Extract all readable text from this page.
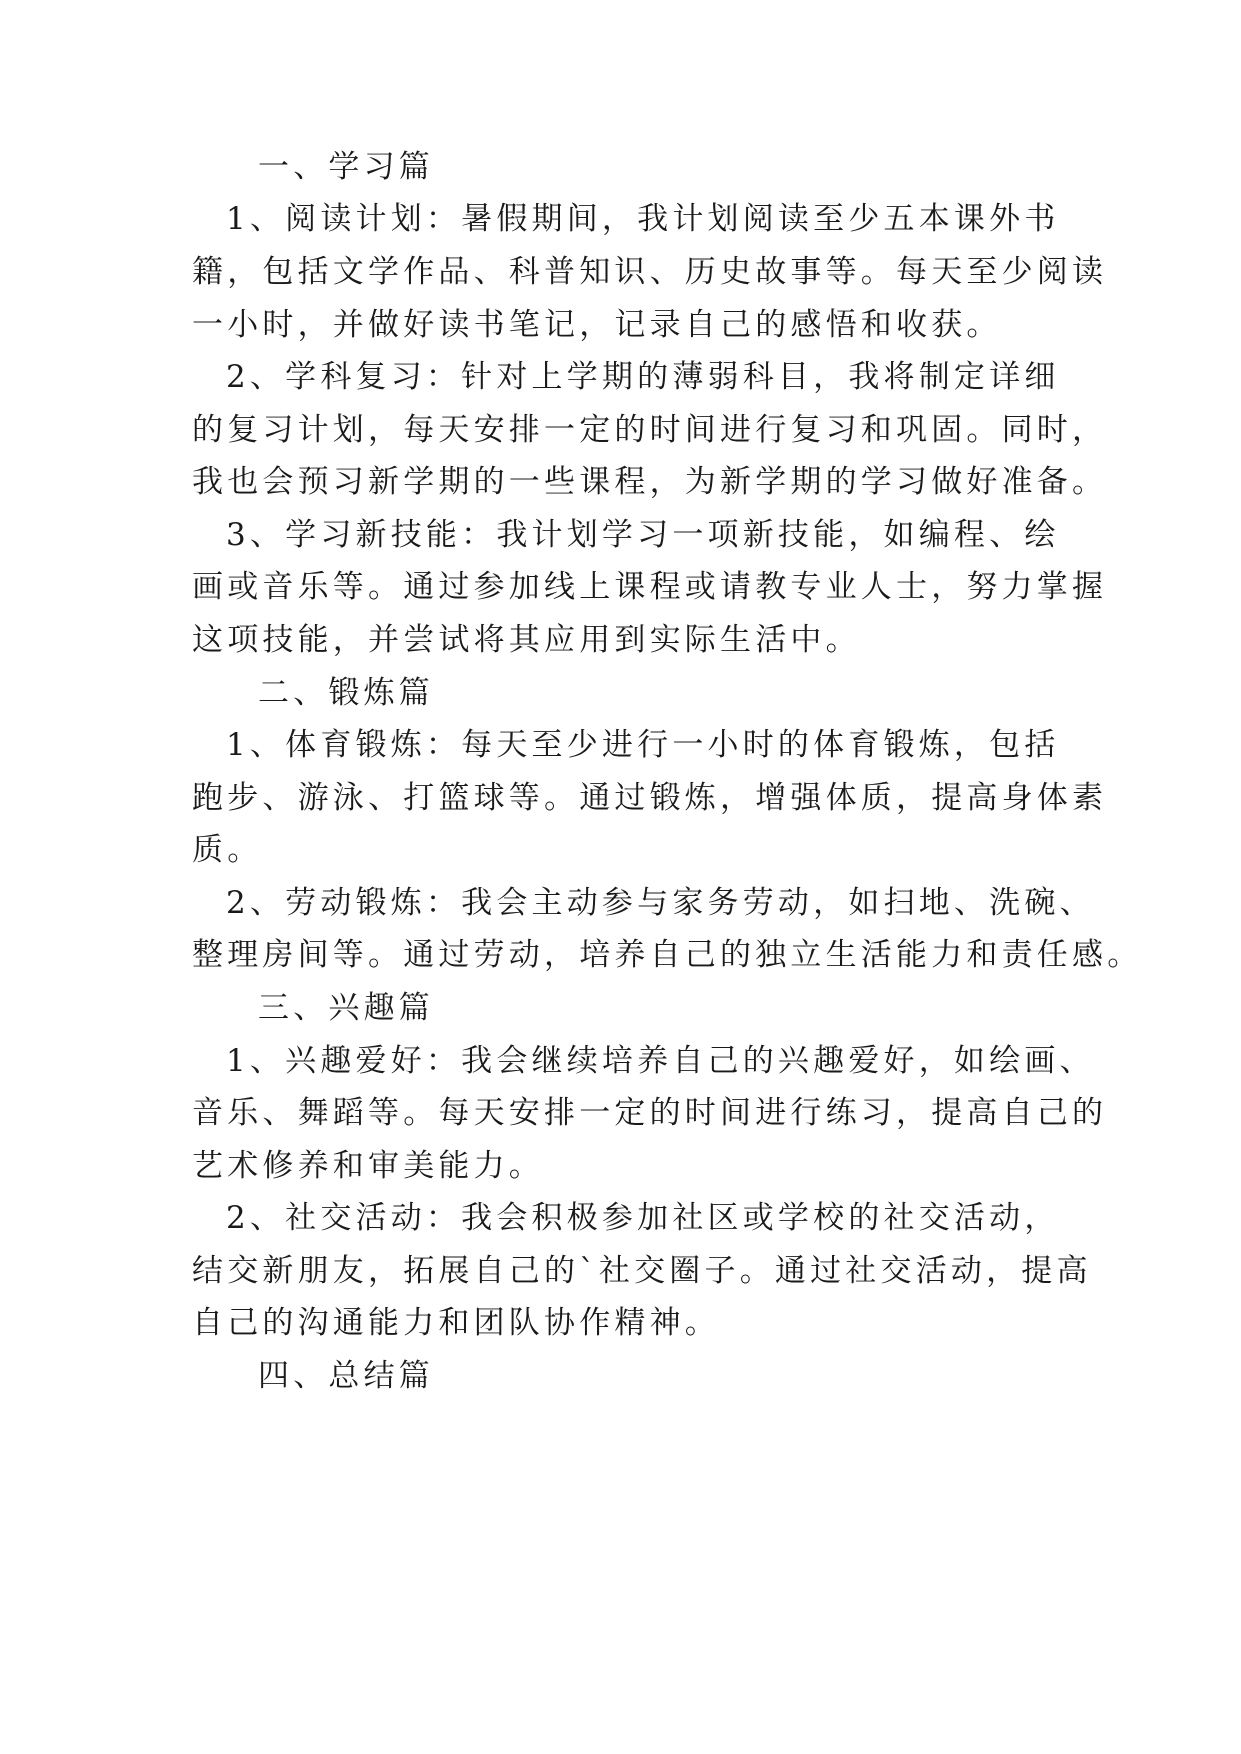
一、学习篇
1、阅读计划：暑假期间，我计划阅读至少五本课外书
籍，包括文学作品、科普知识、历史故事等。每天至少阅读
一小时，并做好读书笔记，记录自己的感悟和收获。
2、学科复习：针对上学期的薄弱科目，我将制定详细
的复习计划，每天安排一定的时间进行复习和巩固。同时，
我也会预习新学期的一些课程，为新学期的学习做好准备。
3、学习新技能：我计划学习一项新技能，如编程、绘
画或音乐等。通过参加线上课程或请教专业人士，努力掌握
这项技能，并尝试将其应用到实际生活中。
二、锻炼篇
1、体育锻炼：每天至少进行一小时的体育锻炼，包括
跑步、游泳、打篮球等。通过锻炼，增强体质，提高身体素
质。
2、劳动锻炼：我会主动参与家务劳动，如扫地、洗碗、
整理房间等。通过劳动，培养自己的独立生活能力和责任感。
三、兴趣篇
1、兴趣爱好：我会继续培养自己的兴趣爱好，如绘画、
音乐、舞蹈等。每天安排一定的时间进行练习，提高自己的
艺术修养和审美能力。
2、社交活动：我会积极参加社区或学校的社交活动，
结交新朋友，拓展自己的`社交圈子。通过社交活动，提高
自己的沟通能力和团队协作精神。
四、总结篇
